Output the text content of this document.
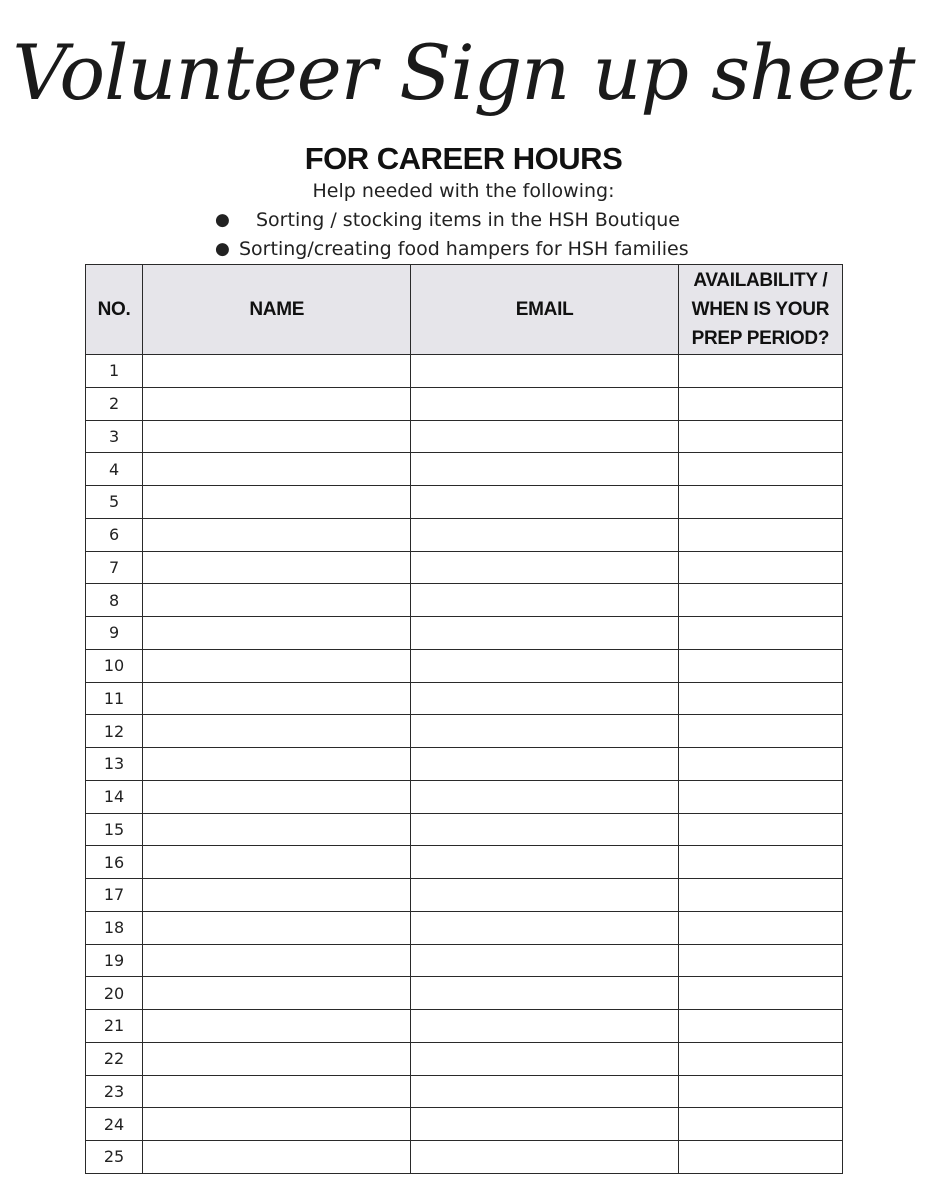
Volunteer Sign up sheet
FOR CAREER HOURS
Help needed with the following:
● Sorting / stocking items in the HSH Boutique
● Sorting/creating food hampers for HSH families
NO.	NAME	EMAIL	AVAILABILITY / WHEN IS YOUR PREP PERIOD?
1			
2			
3			
4			
5			
6			
7			
8			
9			
10			
11			
12			
13			
14			
15			
16			
17			
18			
19			
20			
21			
22			
23			
24			
25			
